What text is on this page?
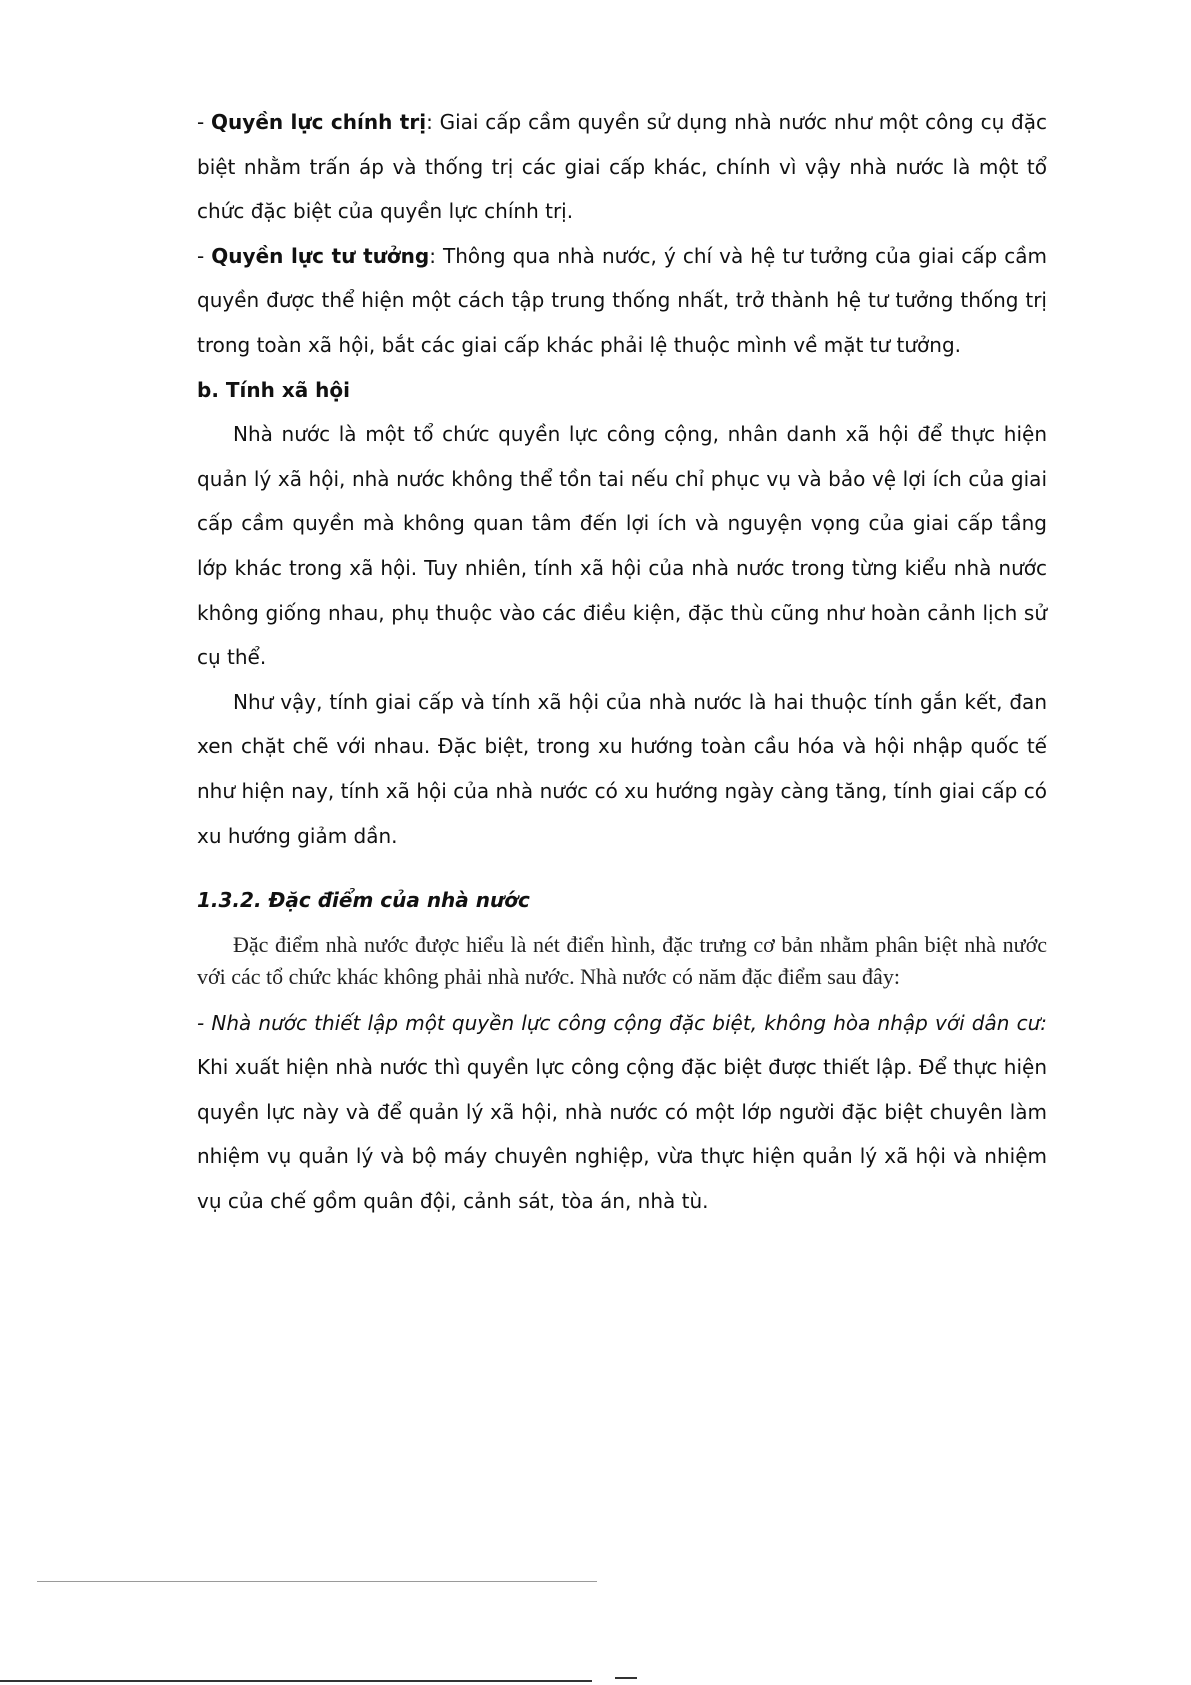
- Quyền lực chính trị: Giai cấp cầm quyền sử dụng nhà nước như một công cụ đặc biệt nhằm trấn áp và thống trị các giai cấp khác, chính vì vậy nhà nước là một tổ chức đặc biệt của quyền lực chính trị.

- Quyền lực tư tưởng: Thông qua nhà nước, ý chí và hệ tư tưởng của giai cấp cầm quyền được thể hiện một cách tập trung thống nhất, trở thành hệ tư tưởng thống trị trong toàn xã hội, bắt các giai cấp khác phải lệ thuộc mình về mặt tư tưởng.

b. Tính xã hội

Nhà nước là một tổ chức quyền lực công cộng, nhân danh xã hội để thực hiện quản lý xã hội, nhà nước không thể tồn tai nếu chỉ phục vụ và bảo vệ lợi ích của giai cấp cầm quyền mà không quan tâm đến lợi ích và nguyện vọng của giai cấp tầng lớp khác trong xã hội. Tuy nhiên, tính xã hội của nhà nước trong từng kiểu nhà nước không giống nhau, phụ thuộc vào các điều kiện, đặc thù cũng như hoàn cảnh lịch sử cụ thể.

Như vậy, tính giai cấp và tính xã hội của nhà nước là hai thuộc tính gắn kết, đan xen chặt chẽ với nhau. Đặc biệt, trong xu hướng toàn cầu hóa và hội nhập quốc tế như hiện nay, tính xã hội của nhà nước có xu hướng ngày càng tăng, tính giai cấp có xu hướng giảm dần.

1.3.2. Đặc điểm của nhà nước

Đặc điểm nhà nước được hiểu là nét điển hình, đặc trưng cơ bản nhằm phân biệt nhà nước với các tổ chức khác không phải nhà nước. Nhà nước có năm đặc điểm sau đây:

- Nhà nước thiết lập một quyền lực công cộng đặc biệt, không hòa nhập với dân cư: Khi xuất hiện nhà nước thì quyền lực công cộng đặc biệt được thiết lập. Để thực hiện quyền lực này và để quản lý xã hội, nhà nước có một lớp người đặc biệt chuyên làm nhiệm vụ quản lý và bộ máy chuyên nghiệp, vừa thực hiện quản lý xã hội và nhiệm vụ của chế gồm quân đội, cảnh sát, tòa án, nhà tù.
